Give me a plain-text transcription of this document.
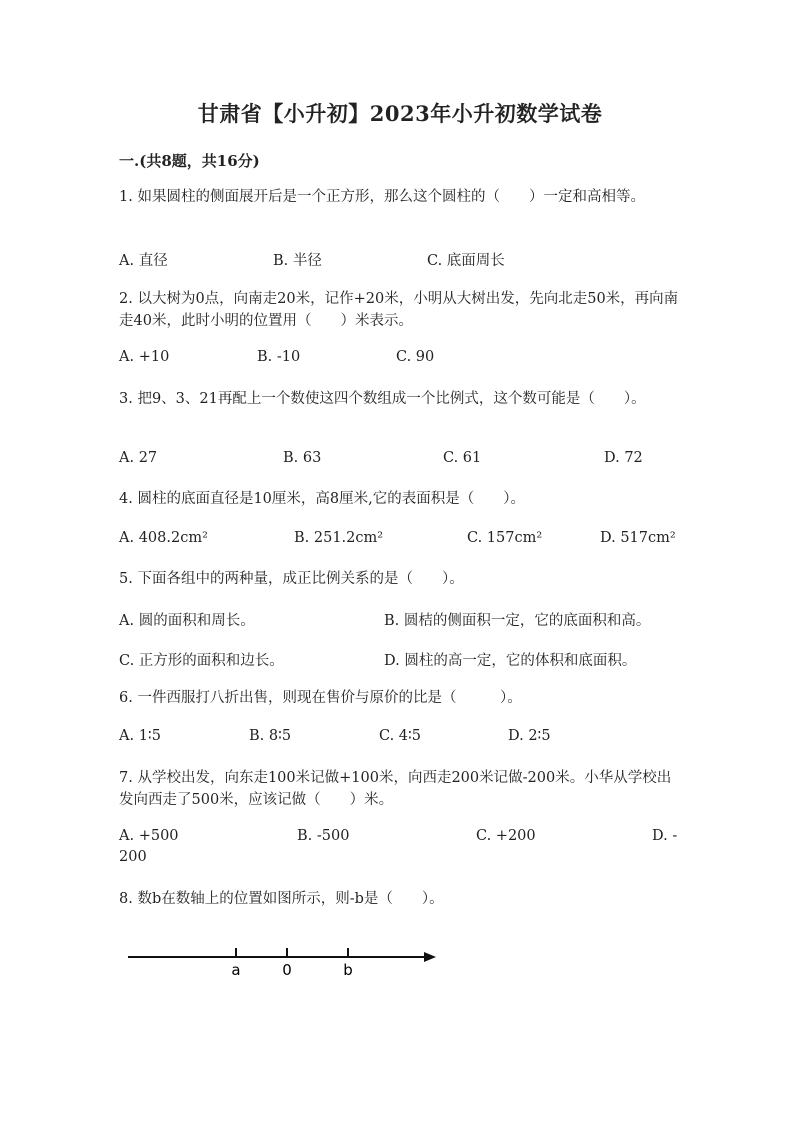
甘肃省【小升初】2023年小升初数学试卷
一.(共8题，共16分)
1. 如果圆柱的侧面展开后是一个正方形，那么这个圆柱的（　　）一定和高相等。
A. 直径	B. 半径	C. 底面周长
2. 以大树为0点，向南走20米，记作+20米，小明从大树出发，先向北走50米，再向南走40米，此时小明的位置用（　　）米表示。
A. +10	B. -10	C. 90
3. 把9、3、21再配上一个数使这四个数组成一个比例式，这个数可能是（　　）。
A. 27	B. 63	C. 61	D. 72
4. 圆柱的底面直径是10厘米，高8厘米,它的表面积是（　　）。
A. 408.2cm²	B. 251.2cm²	C. 157cm²	D. 517cm²
5. 下面各组中的两种量，成正比例关系的是（　　）。
A. 圆的面积和周长。	B. 圆桔的侧面积一定，它的底面积和高。
C. 正方形的面积和边长。	D. 圆柱的高一定，它的体积和底面积。
6. 一件西服打八折出售，则现在售价与原价的比是（　　　）。
A. 1∶5	B. 8∶5	C. 4∶5	D. 2∶5
7. 从学校出发，向东走100米记做+100米，向西走200米记做-200米。小华从学校出发向西走了500米，应该记做（　　）米。
A. +500	B. -500	C. +200	D. -
200
8. 数b在数轴上的位置如图所示，则-b是（　　）。
a	0	b
